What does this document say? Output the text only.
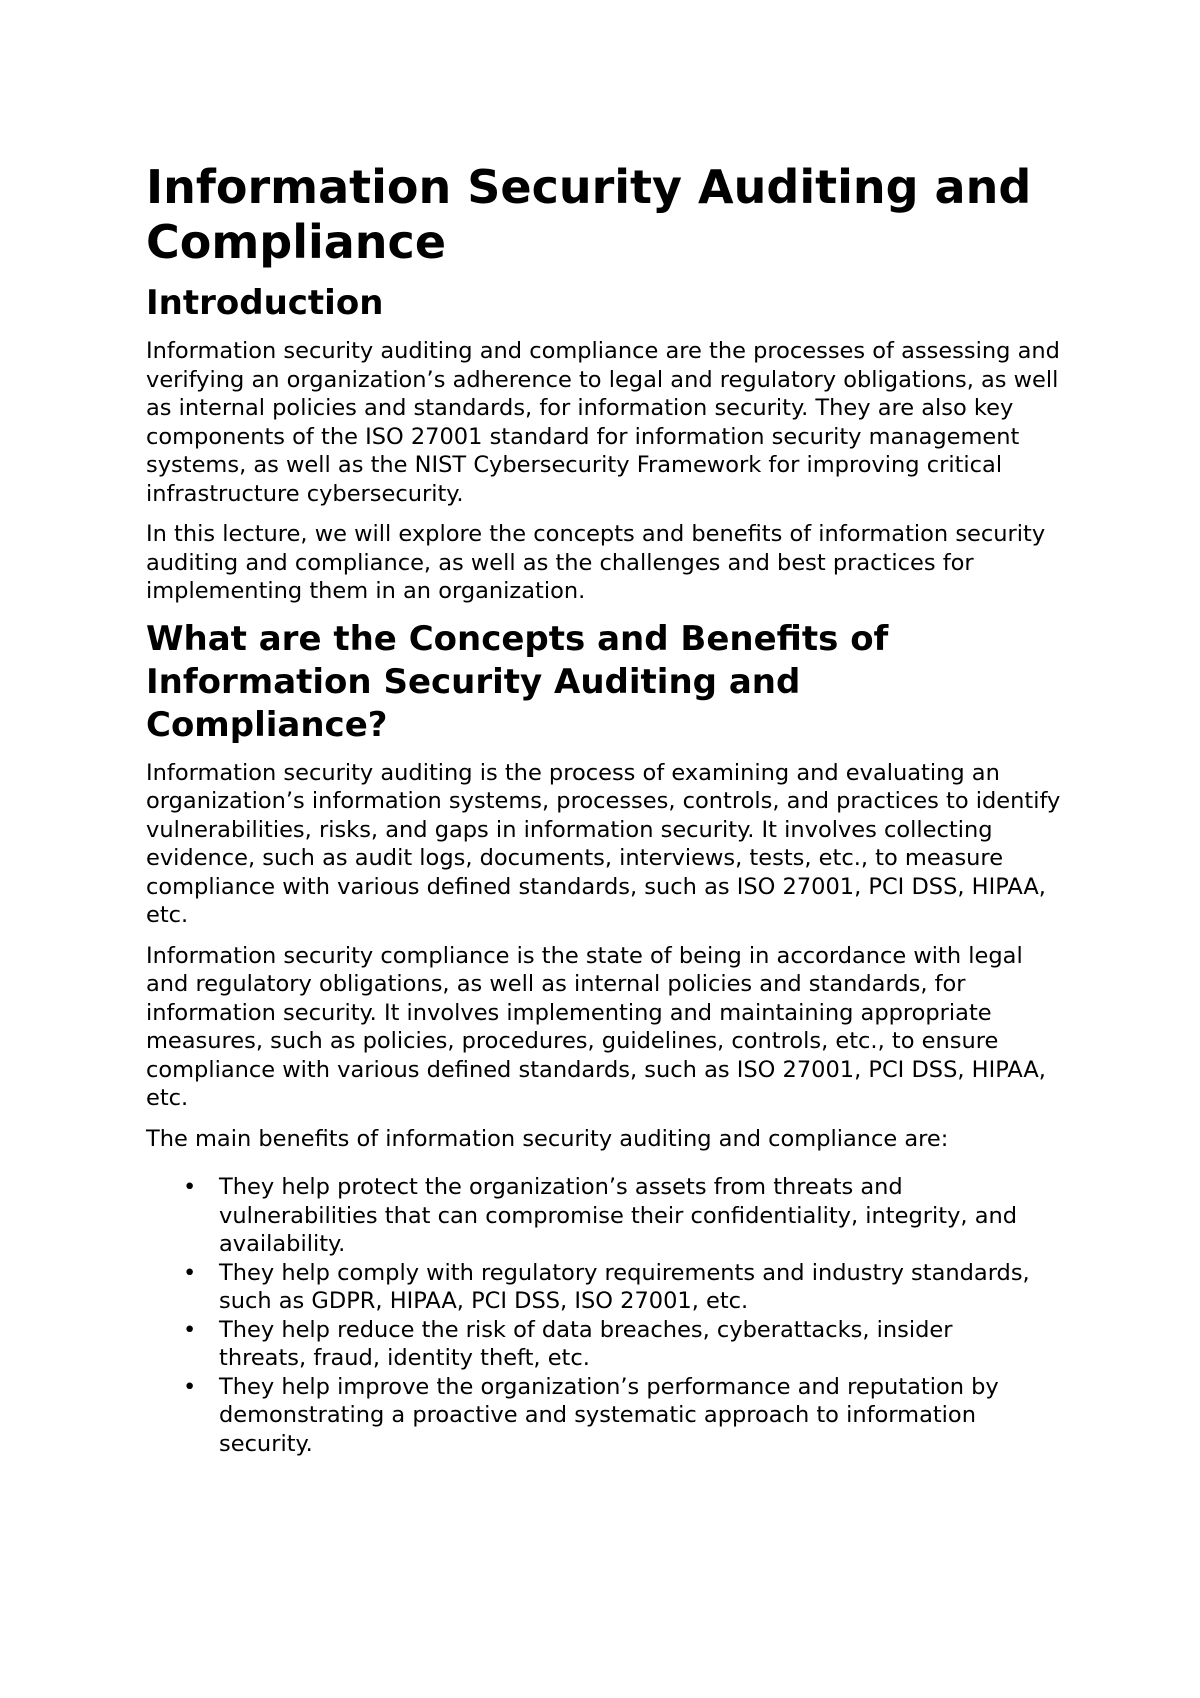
Information Security Auditing and Compliance
Introduction

Information security auditing and compliance are the processes of assessing and verifying an organization’s adherence to legal and regulatory obligations, as well as internal policies and standards, for information security. They are also key components of the ISO 27001 standard for information security management systems, as well as the NIST Cybersecurity Framework for improving critical infrastructure cybersecurity.

In this lecture, we will explore the concepts and benefits of information security auditing and compliance, as well as the challenges and best practices for implementing them in an organization.

What are the Concepts and Benefits of Information Security Auditing and Compliance?

Information security auditing is the process of examining and evaluating an organization’s information systems, processes, controls, and practices to identify vulnerabilities, risks, and gaps in information security. It involves collecting evidence, such as audit logs, documents, interviews, tests, etc., to measure compliance with various defined standards, such as ISO 27001, PCI DSS, HIPAA, etc.

Information security compliance is the state of being in accordance with legal and regulatory obligations, as well as internal policies and standards, for information security. It involves implementing and maintaining appropriate measures, such as policies, procedures, guidelines, controls, etc., to ensure compliance with various defined standards, such as ISO 27001, PCI DSS, HIPAA, etc.

The main benefits of information security auditing and compliance are:

• They help protect the organization’s assets from threats and vulnerabilities that can compromise their confidentiality, integrity, and availability.
• They help comply with regulatory requirements and industry standards, such as GDPR, HIPAA, PCI DSS, ISO 27001, etc.
• They help reduce the risk of data breaches, cyberattacks, insider threats, fraud, identity theft, etc.
• They help improve the organization’s performance and reputation by demonstrating a proactive and systematic approach to information security.
